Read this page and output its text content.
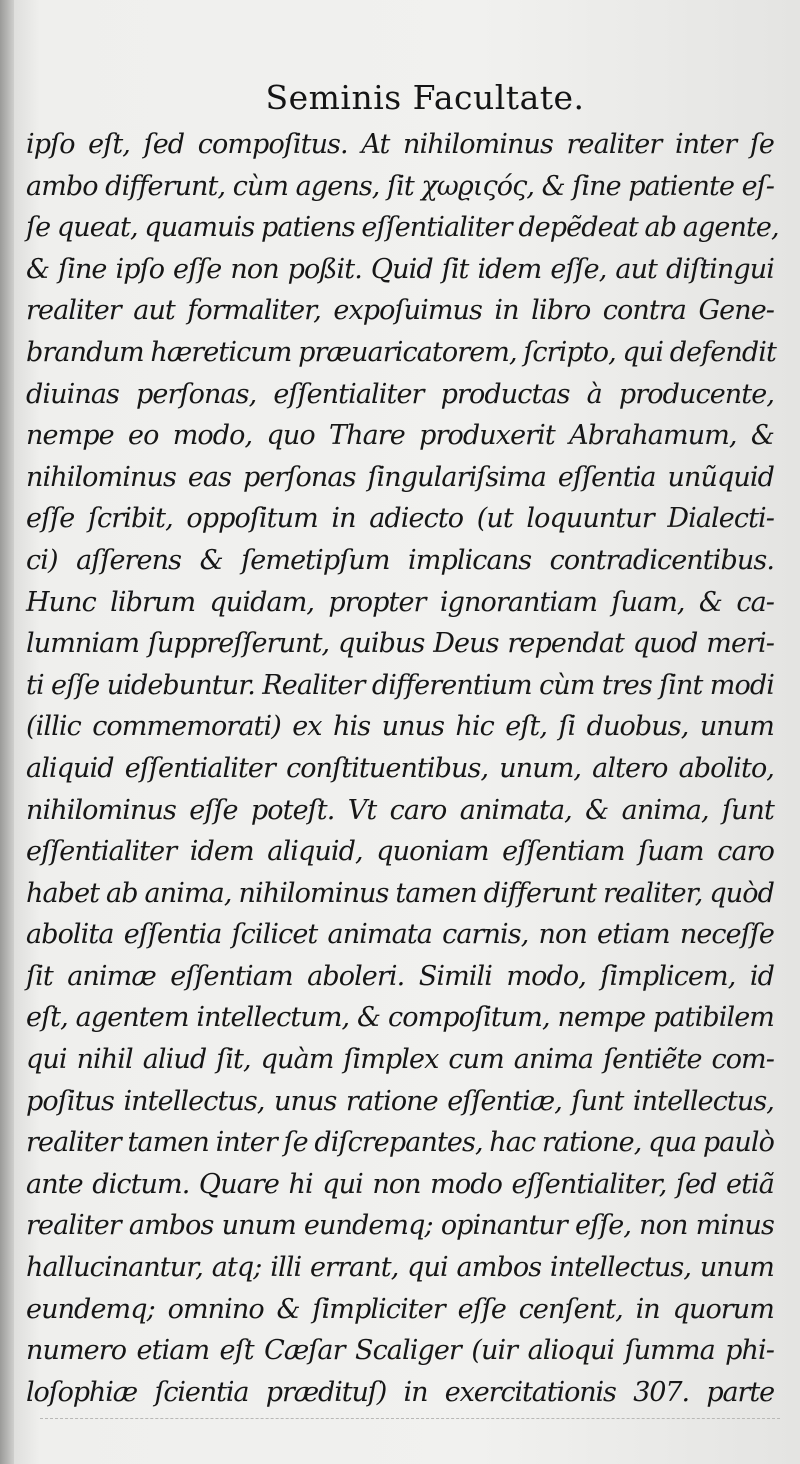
Seminis Facultate.
ipſo eſt, ſed compoſitus. At nihilominus realiter inter ſe
ambo differunt, cùm agens, ſit χωϱιςός, & ſine patiente eſ-
ſe queat, quamuis patiens eſſentialiter depẽdeat ab agente,
& ſine ipſo eſſe non poßit. Quid ſit idem eſſe, aut diſtingui
realiter aut formaliter, expoſuimus in libro contra Gene-
brandum hæreticum præuaricatorem, ſcripto, qui defendit
diuinas perſonas, eſſentialiter productas à producente,
nempe eo modo, quo Thare produxerit Abrahamum, &
nihilominus eas perſonas ſingulariſsima eſſentia unũquid
eſſe ſcribit, oppoſitum in adiecto (ut loquuntur Dialecti-
ci) aſſerens & ſemetipſum implicans contradicentibus.
Hunc librum quidam, propter ignorantiam ſuam, & ca-
lumniam ſuppreſſerunt, quibus Deus rependat quod meri-
ti eſſe uidebuntur. Realiter differentium cùm tres ſint modi
(illic commemorati) ex his unus hic eſt, ſi duobus, unum
aliquid eſſentialiter conſtituentibus, unum, altero abolito,
nihilominus eſſe poteſt. Vt caro animata, & anima, ſunt
eſſentialiter idem aliquid, quoniam eſſentiam ſuam caro
habet ab anima, nihilominus tamen differunt realiter, quòd
abolita eſſentia ſcilicet animata carnis, non etiam neceſſe
ſit animæ eſſentiam aboleri. Simili modo, ſimplicem, id
eſt, agentem intellectum, & compoſitum, nempe patibilem
qui nihil aliud ſit, quàm ſimplex cum anima ſentiẽte com-
poſitus intellectus, unus ratione eſſentiæ, ſunt intellectus,
realiter tamen inter ſe diſcrepantes, hac ratione, qua paulò
ante dictum. Quare hi qui non modo eſſentialiter, ſed etiã
realiter ambos unum eundemq; opinantur eſſe, non minus
hallucinantur, atq; illi errant, qui ambos intellectus, unum
eundemq; omnino & ſimpliciter eſſe cenſent, in quorum
numero etiam eſt Cæſar Scaliger (uir alioqui ſumma phi-
loſophiæ ſcientia prædituſ) in exercitationis 307. parte
